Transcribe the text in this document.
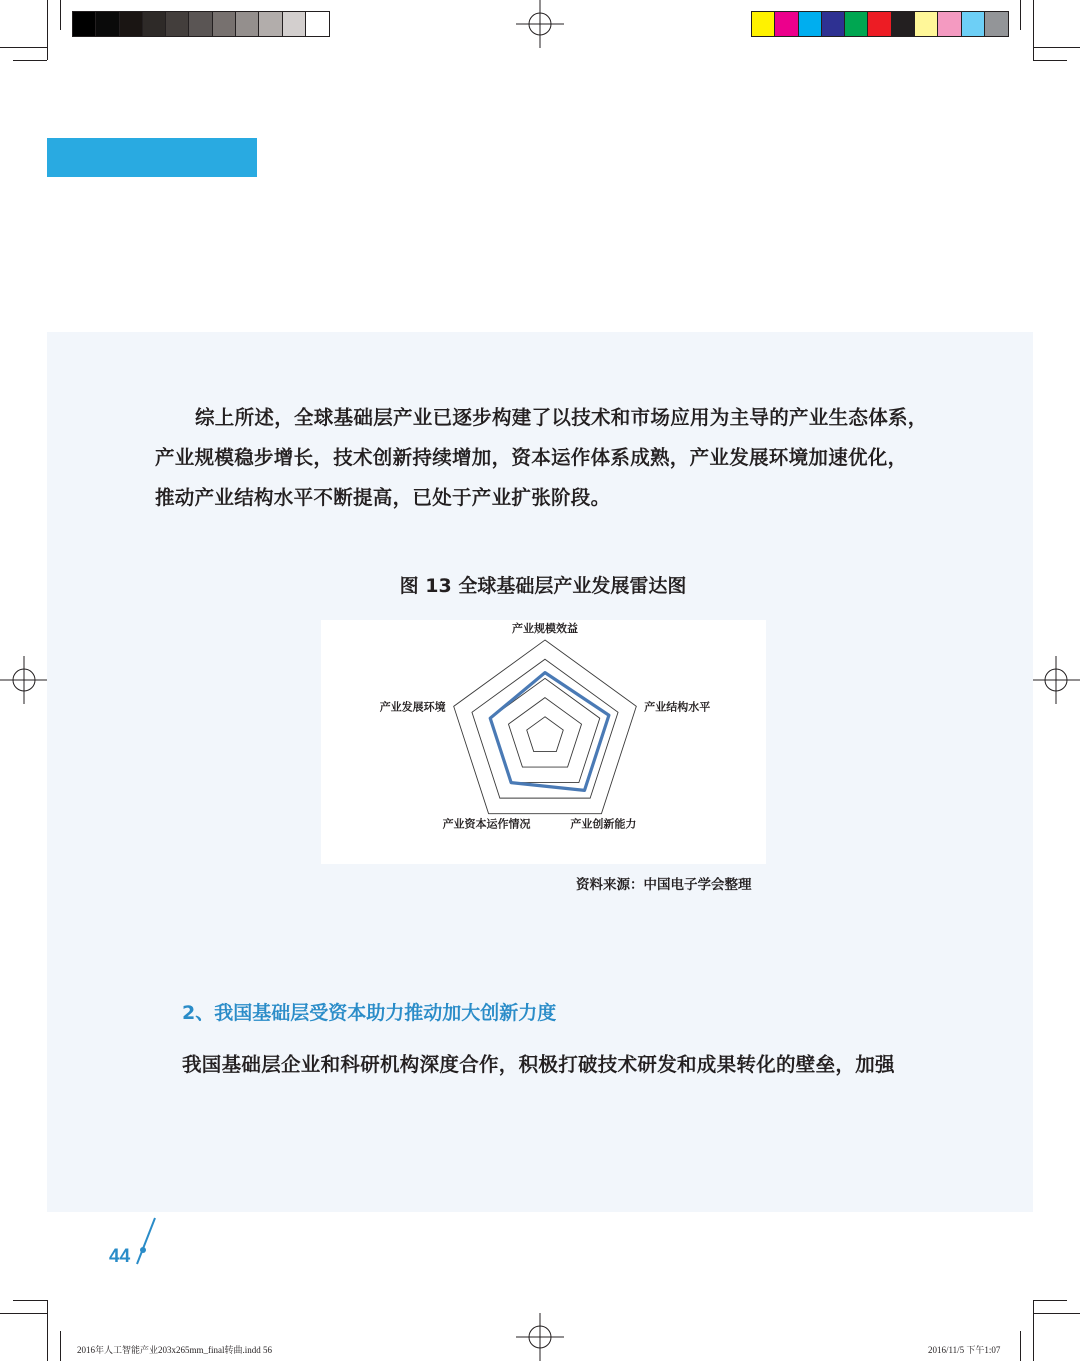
综上所述，全球基础层产业已逐步构建了以技术和市场应用为主导的产业生态体系，
产业规模稳步增长，技术创新持续增加，资本运作体系成熟，产业发展环境加速优化，
推动产业结构水平不断提高，已处于产业扩张阶段。
图 13 全球基础层产业发展雷达图
产业规模效益
产业结构水平
产业创新能力
产业资本运作情况
产业发展环境
资料来源：中国电子学会整理
2、我国基础层受资本助力推动加大创新力度
我国基础层企业和科研机构深度合作，积极打破技术研发和成果转化的壁垒，加强
44
2016年人工智能产业203x265mm_final转曲.indd 56	2016/11/5 下午1:07
